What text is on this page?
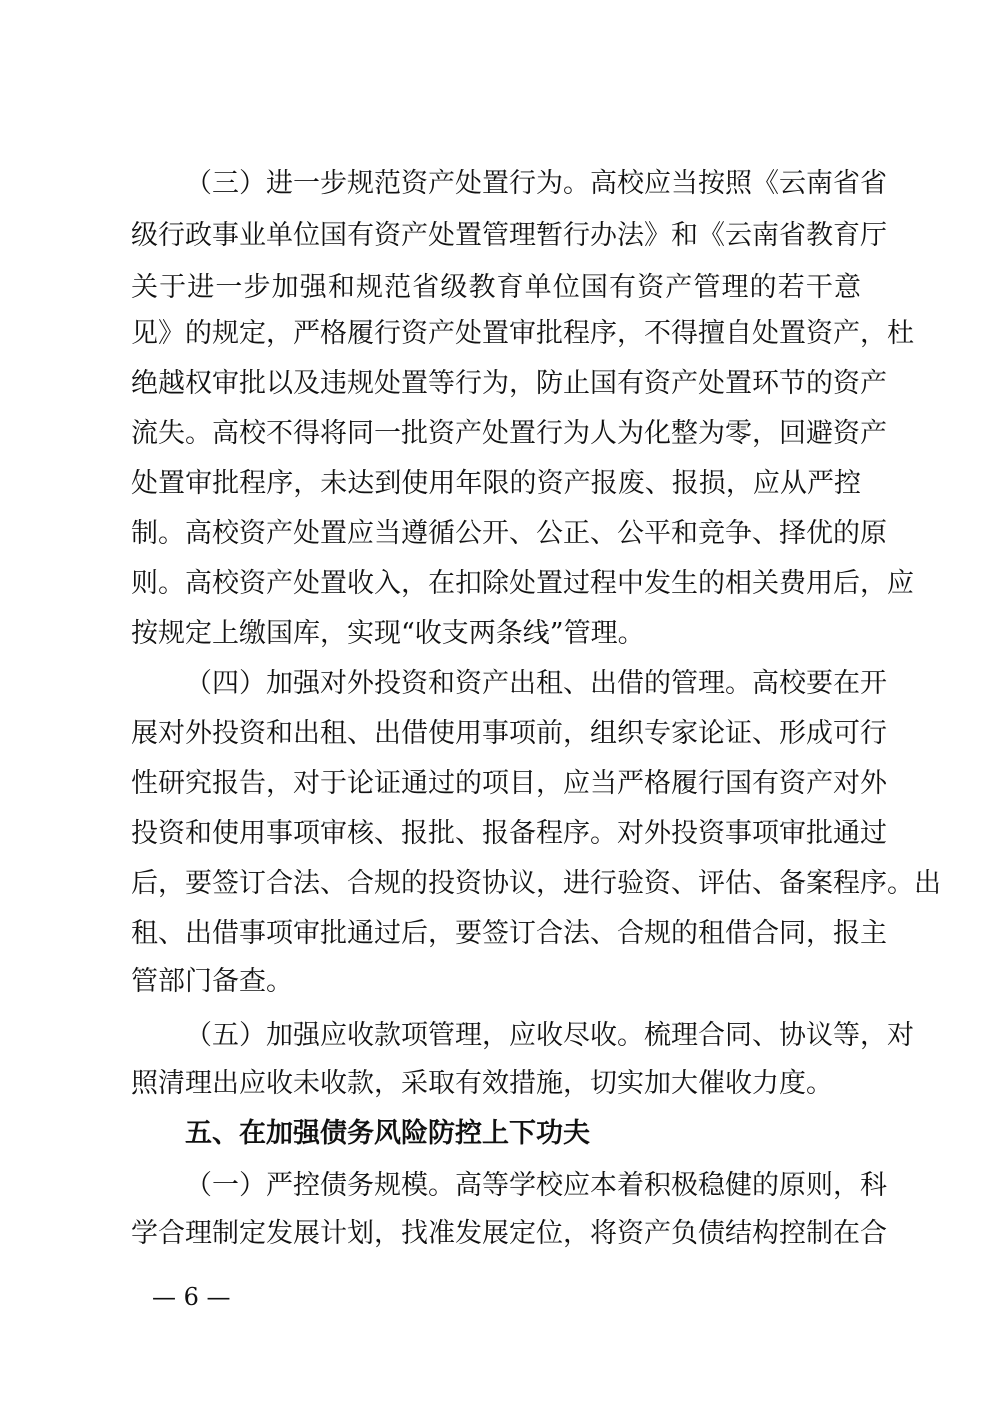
（三）进一步规范资产处置行为。高校应当按照《云南省省
级行政事业单位国有资产处置管理暂行办法》和《云南省教育厅
关于进一步加强和规范省级教育单位国有资产管理的若干意
见》的规定，严格履行资产处置审批程序，不得擅自处置资产，杜
绝越权审批以及违规处置等行为，防止国有资产处置环节的资产
流失。高校不得将同一批资产处置行为人为化整为零，回避资产
处置审批程序，未达到使用年限的资产报废、报损，应从严控
制。高校资产处置应当遵循公开、公正、公平和竞争、择优的原
则。高校资产处置收入，在扣除处置过程中发生的相关费用后，应
按规定上缴国库，实现“收支两条线”管理。
（四）加强对外投资和资产出租、出借的管理。高校要在开
展对外投资和出租、出借使用事项前，组织专家论证、形成可行
性研究报告，对于论证通过的项目，应当严格履行国有资产对外
投资和使用事项审核、报批、报备程序。对外投资事项审批通过
后，要签订合法、合规的投资协议，进行验资、评估、备案程序。出
租、出借事项审批通过后，要签订合法、合规的租借合同，报主
管部门备查。
（五）加强应收款项管理，应收尽收。梳理合同、协议等，对
照清理出应收未收款，采取有效措施，切实加大催收力度。
五、在加强债务风险防控上下功夫
（一）严控债务规模。高等学校应本着积极稳健的原则，科
学合理制定发展计划，找准发展定位，将资产负债结构控制在合
— 6 —
